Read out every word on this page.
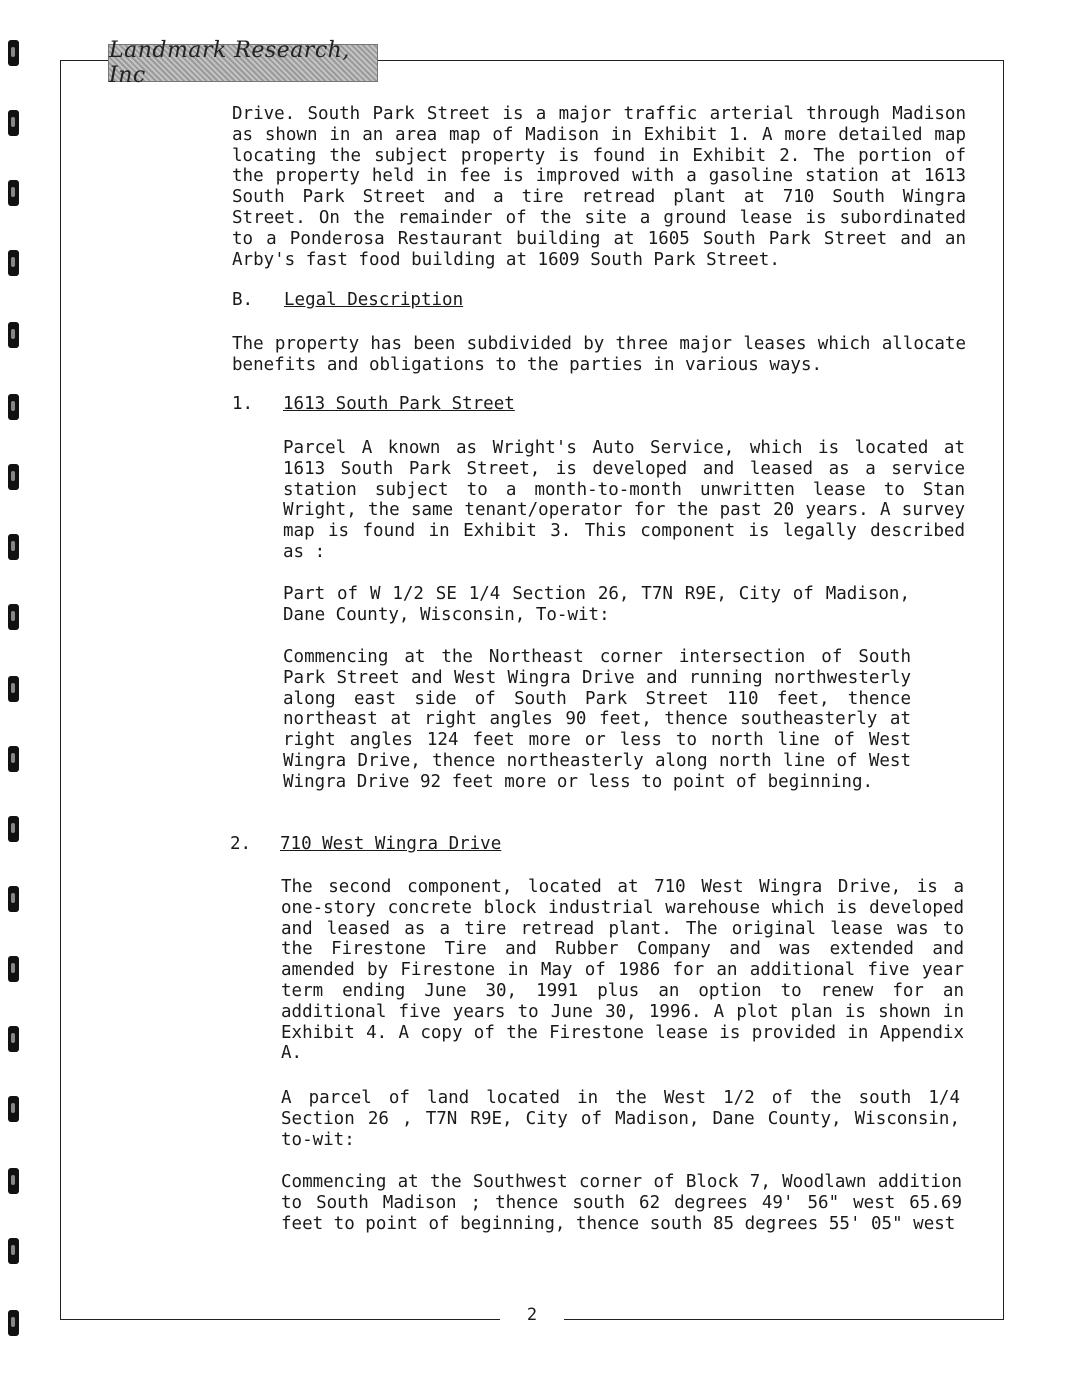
Landmark Research, Inc

Drive. South Park Street is a major traffic arterial through Madison as shown in an area map of Madison in Exhibit 1. A more detailed map locating the subject property is found in Exhibit 2. The portion of the property held in fee is improved with a gasoline station at 1613 South Park Street and a tire retread plant at 710 South Wingra Street. On the remainder of the site a ground lease is subordinated to a Ponderosa Restaurant building at 1605 South Park Street and an Arby's fast food building at 1609 South Park Street.

B. Legal Description

The property has been subdivided by three major leases which allocate benefits and obligations to the parties in various ways.

1. 1613 South Park Street

Parcel A known as Wright's Auto Service, which is located at 1613 South Park Street, is developed and leased as a service station subject to a month-to-month unwritten lease to Stan Wright, the same tenant/operator for the past 20 years. A survey map is found in Exhibit 3. This component is legally described as :

Part of W 1/2 SE 1/4 Section 26, T7N R9E, City of Madison, Dane County, Wisconsin, To-wit:

Commencing at the Northeast corner intersection of South Park Street and West Wingra Drive and running northwesterly along east side of South Park Street 110 feet, thence northeast at right angles 90 feet, thence southeasterly at right angles 124 feet more or less to north line of West Wingra Drive, thence northeasterly along north line of West Wingra Drive 92 feet more or less to point of beginning.

2. 710 West Wingra Drive

The second component, located at 710 West Wingra Drive, is a one-story concrete block industrial warehouse which is developed and leased as a tire retread plant. The original lease was to the Firestone Tire and Rubber Company and was extended and amended by Firestone in May of 1986 for an additional five year term ending June 30, 1991 plus an option to renew for an additional five years to June 30, 1996. A plot plan is shown in Exhibit 4. A copy of the Firestone lease is provided in Appendix A.

A parcel of land located in the West 1/2 of the south 1/4 Section 26 , T7N R9E, City of Madison, Dane County, Wisconsin, to-wit:

Commencing at the Southwest corner of Block 7, Woodlawn addition to South Madison ; thence south 62 degrees 49' 56" west 65.69 feet to point of beginning, thence south 85 degrees 55' 05" west

2
